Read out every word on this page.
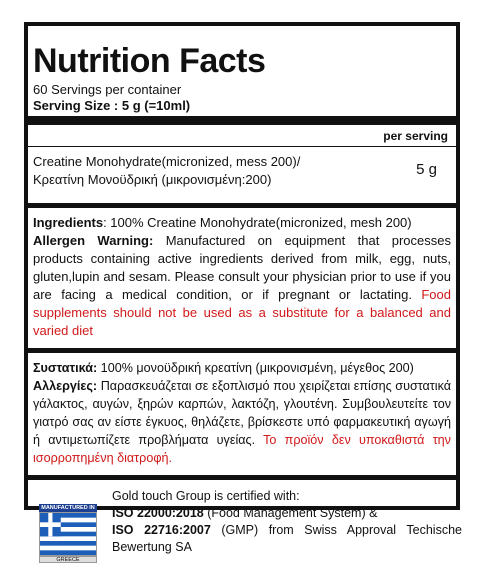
Nutrition Facts
60 Servings per container
Serving Size : 5 g (=10ml)
per serving
Creatine Monohydrate(micronized, mess 200)/
Κρεατίνη Μονοϋδρική (μικρονισμένη:200)
5 g
Ingredients: 100% Creatine Monohydrate(micronized, mesh 200)
Allergen Warning: Manufactured on equipment that processes products containing active ingredients derived from milk, egg, nuts, gluten,lupin and sesam. Please consult your physician prior to use if you are facing a medical condition, or if pregnant or lactating. Food supplements should not be used as a substitute for a balanced and varied diet
Συστατικά: 100% μονοϋδρική κρεατίνη (μικρονισμένη, μέγεθος 200)
Αλλεργίες: Παρασκευάζεται σε εξοπλισμό που χειρίζεται επίσης συστατικά γάλακτος, αυγών, ξηρών καρπών, λακτόζη, γλουτένη. Συμβουλευτείτε τον γιατρό σας αν είστε έγκυος, θηλάζετε, βρίσκεστε υπό φαρμακευτική αγωγή ή αντιμετωπίζετε προβλήματα υγείας. Το προϊόν δεν υποκαθιστά την ισορροπημένη διατροφή.
MANUFACTURED IN
GREECE
Gold touch Group is certified with:
ISO 22000:2018 (Food Management System) &
ISO 22716:2007 (GMP) from Swiss Approval Techische Bewertung SA
